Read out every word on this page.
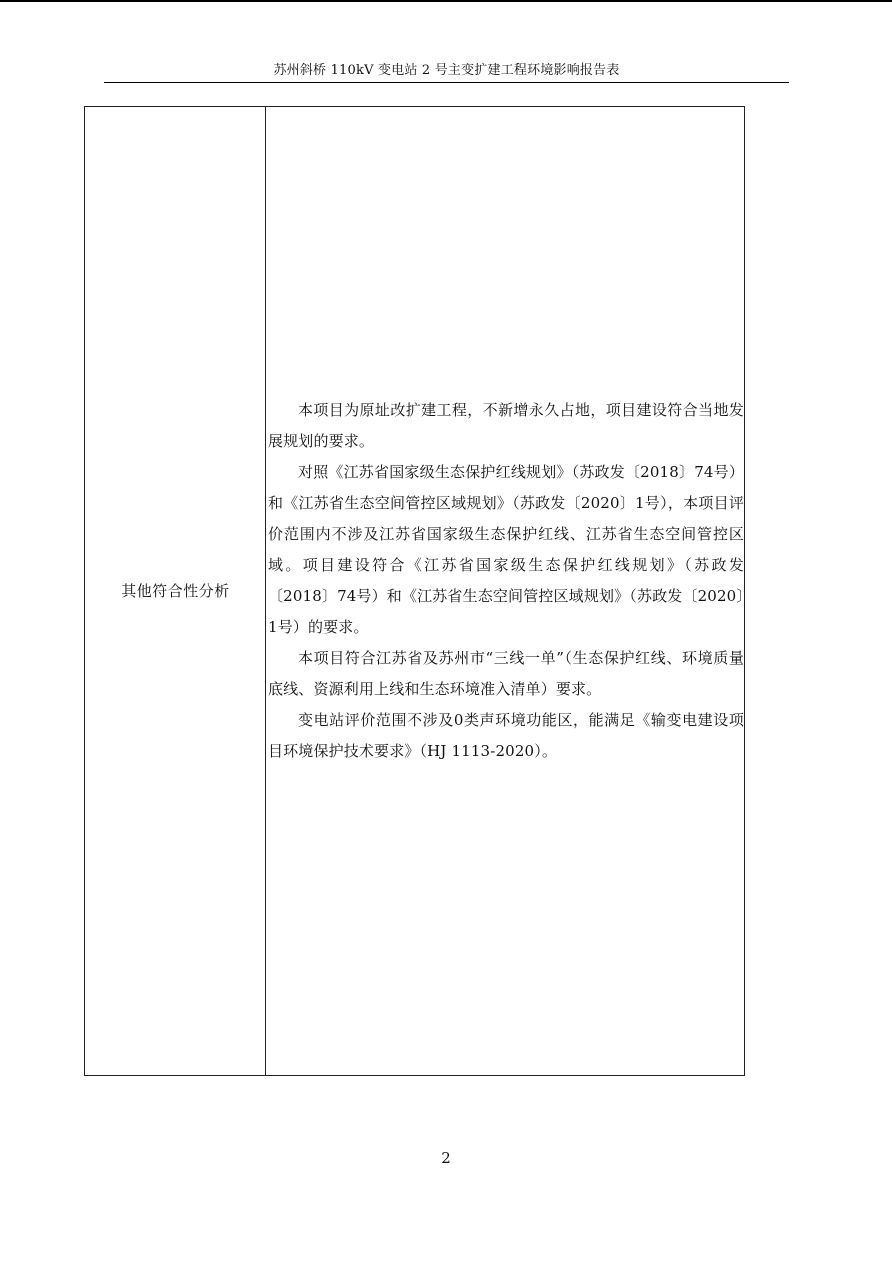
苏州斜桥 110kV 变电站 2 号主变扩建工程环境影响报告表
其他符合性分析

本项目为原址改扩建工程，不新增永久占地，项目建设符合当地发展规划的要求。

对照《江苏省国家级生态保护红线规划》（苏政发〔2018〕74号）和《江苏省生态空间管控区域规划》（苏政发〔2020〕1号），本项目评价范围内不涉及江苏省国家级生态保护红线、江苏省生态空间管控区域。项目建设符合《江苏省国家级生态保护红线规划》（苏政发〔2018〕74号）和《江苏省生态空间管控区域规划》（苏政发〔2020〕1号）的要求。

本项目符合江苏省及苏州市“三线一单”（生态保护红线、环境质量底线、资源利用上线和生态环境准入清单）要求。

变电站评价范围不涉及0类声环境功能区，能满足《输变电建设项目环境保护技术要求》（HJ 1113-2020）。

2
